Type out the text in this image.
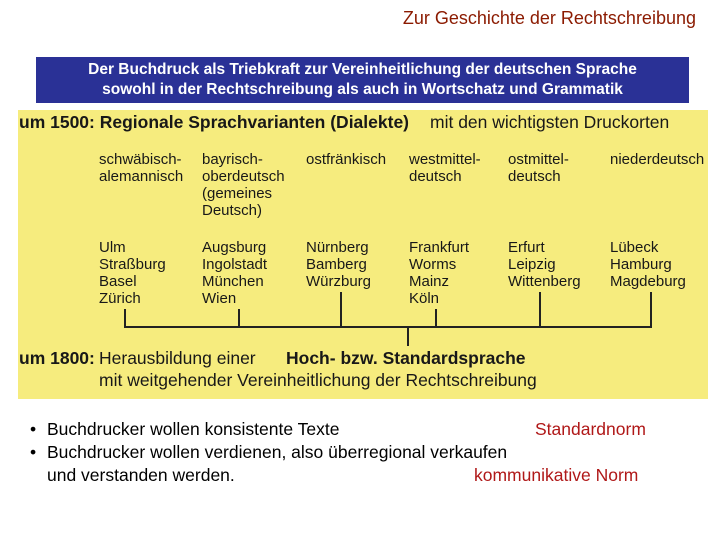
Zur Geschichte der Rechtschreibung
Der Buchdruck als Triebkraft zur Vereinheitlichung der deutschen Sprache
sowohl in der Rechtschreibung als auch in Wortschatz und Grammatik
um 1500: Regionale Sprachvarianten (Dialekte) mit den wichtigsten Druckorten
schwäbisch-
alemannisch
bayrisch-
oberdeutsch
(gemeines
Deutsch)
ostfränkisch westmittel-
deutsch
ostmittel-
deutsch
niederdeutsch
Ulm
Straßburg
Basel
Zürich
Augsburg
Ingolstadt
München
Wien
Nürnberg
Bamberg
Würzburg
Frankfurt
Worms
Mainz
Köln
Erfurt
Leipzig
Wittenberg
Lübeck
Hamburg
Magdeburg
um 1800: Herausbildung einer Hoch- bzw. Standardsprache
mit weitgehender Vereinheitlichung der Rechtschreibung
• Buchdrucker wollen konsistente Texte	Standardnorm
• Buchdrucker wollen verdienen, also überregional verkaufen
und verstanden werden.	kommunikative Norm
